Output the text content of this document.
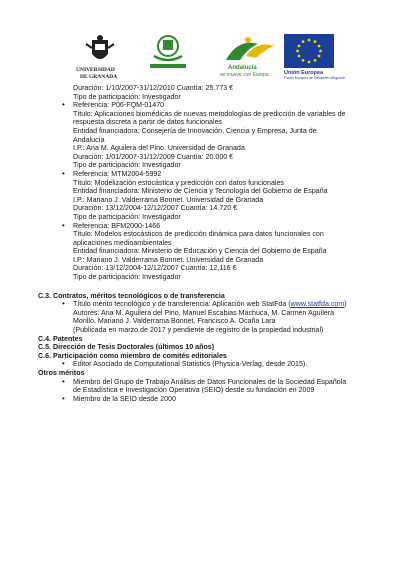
UNIVERSIDAD
DE GRANADA
Andalucía
se mueve con Europa	Unión Europea
Fondo Europeo de Desarrollo Regional
Duración: 1/10/2007-31/12/2010 Cuantía: 25.773 €
Tipo de participación: Investigador
• Referencia: P06-FQM-01470
Título: Aplicaciones biomédicas de nuevas metodologías de predicción de variables de
respuesta discreta a partir de datos funcionales
Entidad financiadora: Consejería de Innovación, Ciencia y Empresa, Junta de
Andalucía
I.P.: Ana M. Aguilera del Pino. Universidad de Granada
Duración: 1/01/2007-31/12/2009 Cuantía: 20.000 €
Tipo de participación: Investigador
• Referencia: MTM2004-5992
Título: Modelización estocástica y predicción con datos funcionales
Entidad financiadora: Ministerio de Ciencia y Tecnología del Gobierno de España
I.P.: Mariano J. Valderrama Bonnet. Universidad de Granada
Duración: 13/12/2004-12/12/2007 Cuantía: 14.720 €
Tipo de participación: Investigador
• Referencia: BFM2000-1466
Título: Modelos estocásticos de predicción dinámica para datos funcionales con
aplicaciones medioambientales
Entidad financiadora: Ministerio de Educación y Ciencia del Gobierno de España
I.P.: Mariano J. Valderrama Bonnet. Universidad de Granada
Duración: 13/12/2004-12/12/2007 Cuantía: 12.116 €
Tipo de participación: Investigador
C.3. Contratos, méritos tecnológicos o de transferencia
• Título mérito tecnológico y de transferencia: Aplicación web StatFda (www.statfda.com)
Autores: Ana M. Aguilera del Pino, Manuel Escabias Machuca, M. Carmen Aguilera
Morillo, Mariano J. Valderrama Bonnet, Francisco A. Ocaña Lara
(Publicada en marzo de 2017 y pendiente de registro de la propiedad industrial)
C.4. Patentes
C.5. Dirección de Tesis Doctorales (últimos 10 años)
C.6. Participación como miembro de comités editoriales
• Editor Asociado de Computational Statistics (Physica-Verlag, desde 2015).
Otros méritos
• Miembro del Grupo de Trabajo Análisis de Datos Funcionales de la Sociedad Española
de Estadística e Investigación Operativa (SEIO) desde su fundación en 2009
• Miembro de la SEIO desde 2000
